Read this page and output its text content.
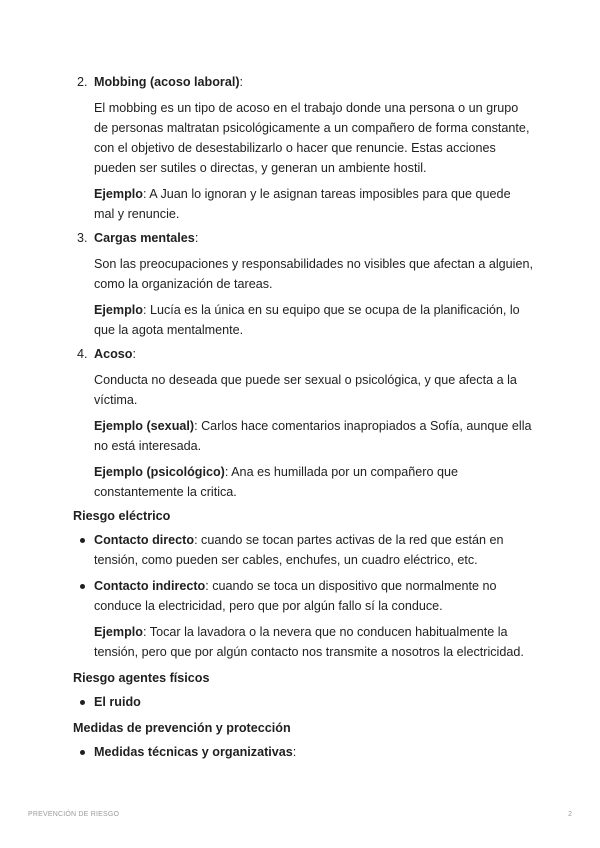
2. Mobbing (acoso laboral):

El mobbing es un tipo de acoso en el trabajo donde una persona o un grupo de personas maltratan psicológicamente a un compañero de forma constante, con el objetivo de desestabilizarlo o hacer que renuncie. Estas acciones pueden ser sutiles o directas, y generan un ambiente hostil.

Ejemplo: A Juan lo ignoran y le asignan tareas imposibles para que quede mal y renuncie.

3. Cargas mentales:

Son las preocupaciones y responsabilidades no visibles que afectan a alguien, como la organización de tareas.

Ejemplo: Lucía es la única en su equipo que se ocupa de la planificación, lo que la agota mentalmente.

4. Acoso:

Conducta no deseada que puede ser sexual o psicológica, y que afecta a la víctima.

Ejemplo (sexual): Carlos hace comentarios inapropiados a Sofía, aunque ella no está interesada.

Ejemplo (psicológico): Ana es humillada por un compañero que constantemente la critica.

Riesgo eléctrico
Contacto directo: cuando se tocan partes activas de la red que están en tensión, como pueden ser cables, enchufes, un cuadro eléctrico, etc.
Contacto indirecto: cuando se toca un dispositivo que normalmente no conduce la electricidad, pero que por algún fallo sí la conduce.

Ejemplo: Tocar la lavadora o la nevera que no conducen habitualmente la tensión, pero que por algún contacto nos transmite a nosotros la electricidad.

Riesgo agentes físicos
El ruido
Medidas de prevención y protección
Medidas técnicas y organizativas:
PREVENCIÓN DE RIESGO	2
